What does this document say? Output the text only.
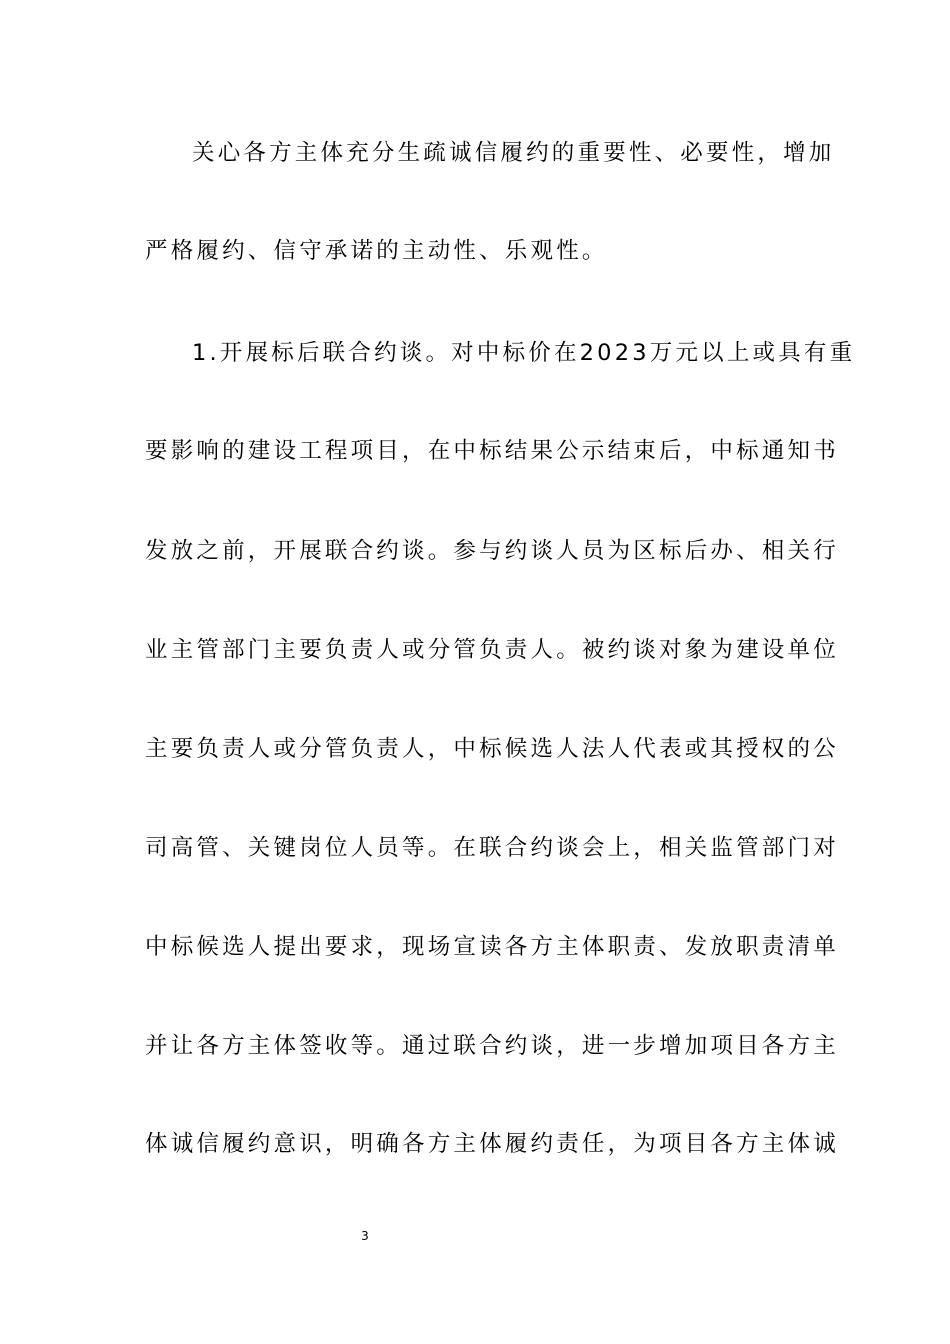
关心各方主体充分生疏诚信履约的重要性、必要性，增加
严格履约、信守承诺的主动性、乐观性。
1.开展标后联合约谈。对中标价在2023万元以上或具有重
要影响的建设工程项目，在中标结果公示结束后，中标通知书
发放之前，开展联合约谈。参与约谈人员为区标后办、相关行
业主管部门主要负责人或分管负责人。被约谈对象为建设单位
主要负责人或分管负责人，中标候选人法人代表或其授权的公
司高管、关键岗位人员等。在联合约谈会上，相关监管部门对
中标候选人提出要求，现场宣读各方主体职责、发放职责清单
并让各方主体签收等。通过联合约谈，进一步增加项目各方主
体诚信履约意识，明确各方主体履约责任，为项目各方主体诚
3
